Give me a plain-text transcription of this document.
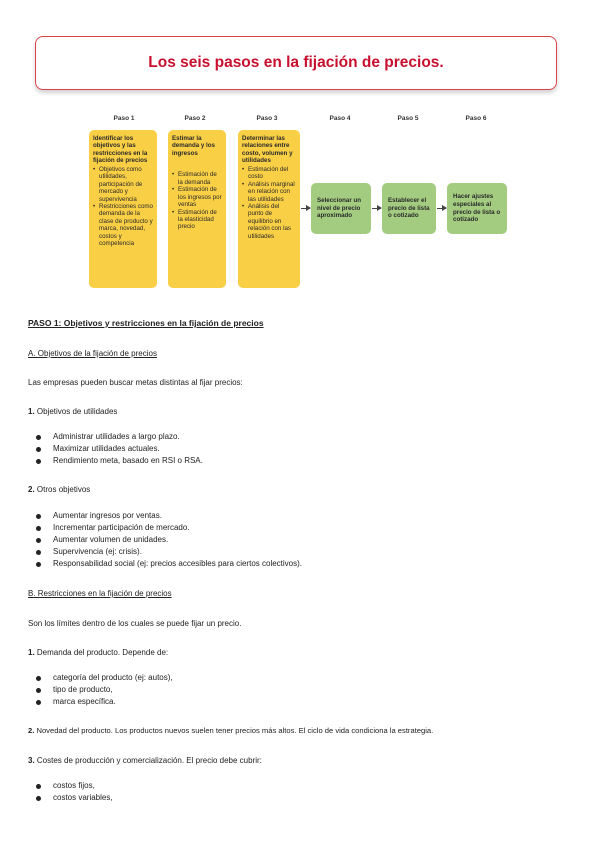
Los seis pasos en la fijación de precios.
Paso 1	Paso 2	Paso 3	Paso 4	Paso 5	Paso 6
Identificar los objetivos y las restricciones en la fijación de precios
• Objetivos como utilidades, participación de mercado y supervivencia
• Restricciones como demanda de la clase de producto y marca, novedad, costos y competencia
Estimar la demanda y los ingresos
• Estimación de la demanda
• Estimación de los ingresos por ventas
• Estimación de la elasticidad precio
Determinar las relaciones entre costo, volumen y utilidades
• Estimación del costo
• Análisis marginal en relación con las utilidades
• Análisis del punto de equilibrio en relación con las utilidades
Seleccionar un nivel de precio aproximado
Establecer el precio de lista o cotizado
Hacer ajustes especiales al precio de lista o cotizado
PASO 1: Objetivos y restricciones en la fijación de precios
A. Objetivos de la fijación de precios
Las empresas pueden buscar metas distintas al fijar precios:
1. Objetivos de utilidades
Administrar utilidades a largo plazo.
Maximizar utilidades actuales.
Rendimiento meta, basado en RSI o RSA.
2. Otros objetivos
Aumentar ingresos por ventas.
Incrementar participación de mercado.
Aumentar volumen de unidades.
Supervivencia (ej: crisis).
Responsabilidad social (ej: precios accesibles para ciertos colectivos).
B. Restricciones en la fijación de precios
Son los límites dentro de los cuales se puede fijar un precio.
1. Demanda del producto. Depende de:
categoría del producto (ej: autos),
tipo de producto,
marca específica.
2. Novedad del producto. Los productos nuevos suelen tener precios más altos. El ciclo de vida condiciona la estrategia.
3. Costes de producción y comercialización. El precio debe cubrir:
costos fijos,
costos variables,
